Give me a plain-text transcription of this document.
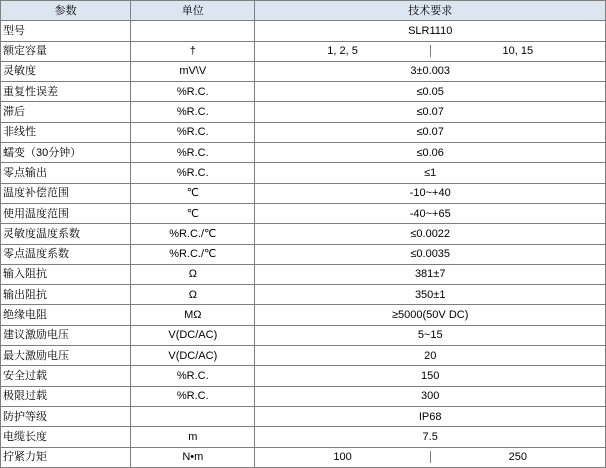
参数	单位	技术要求
型号		SLR1110
额定容量	†		1, 2, 5	10, 15

灵敏度	mV\V	3±0.003
重复性误差	%R.C.	≤0.05
滞后	%R.C.	≤0.07
非线性	%R.C.	≤0.07
蠕变（30分钟）	%R.C.	≤0.06
零点输出	%R.C.	≤1
温度补偿范围	℃	-10~+40
使用温度范围	℃	-40~+65
灵敏度温度系数	%R.C./℃	≤0.0022
零点温度系数	%R.C./℃	≤0.0035
输入阻抗	Ω	381±7
输出阻抗	Ω	350±1
绝缘电阻	MΩ	≥5000(50V DC)
建议激励电压	V(DC/AC)	5~15
最大激励电压	V(DC/AC)	20
安全过载	%R.C.	150
极限过载	%R.C.	300
防护等级		IP68
电缆长度	m	7.5
拧紧力矩	N•m		100	250
